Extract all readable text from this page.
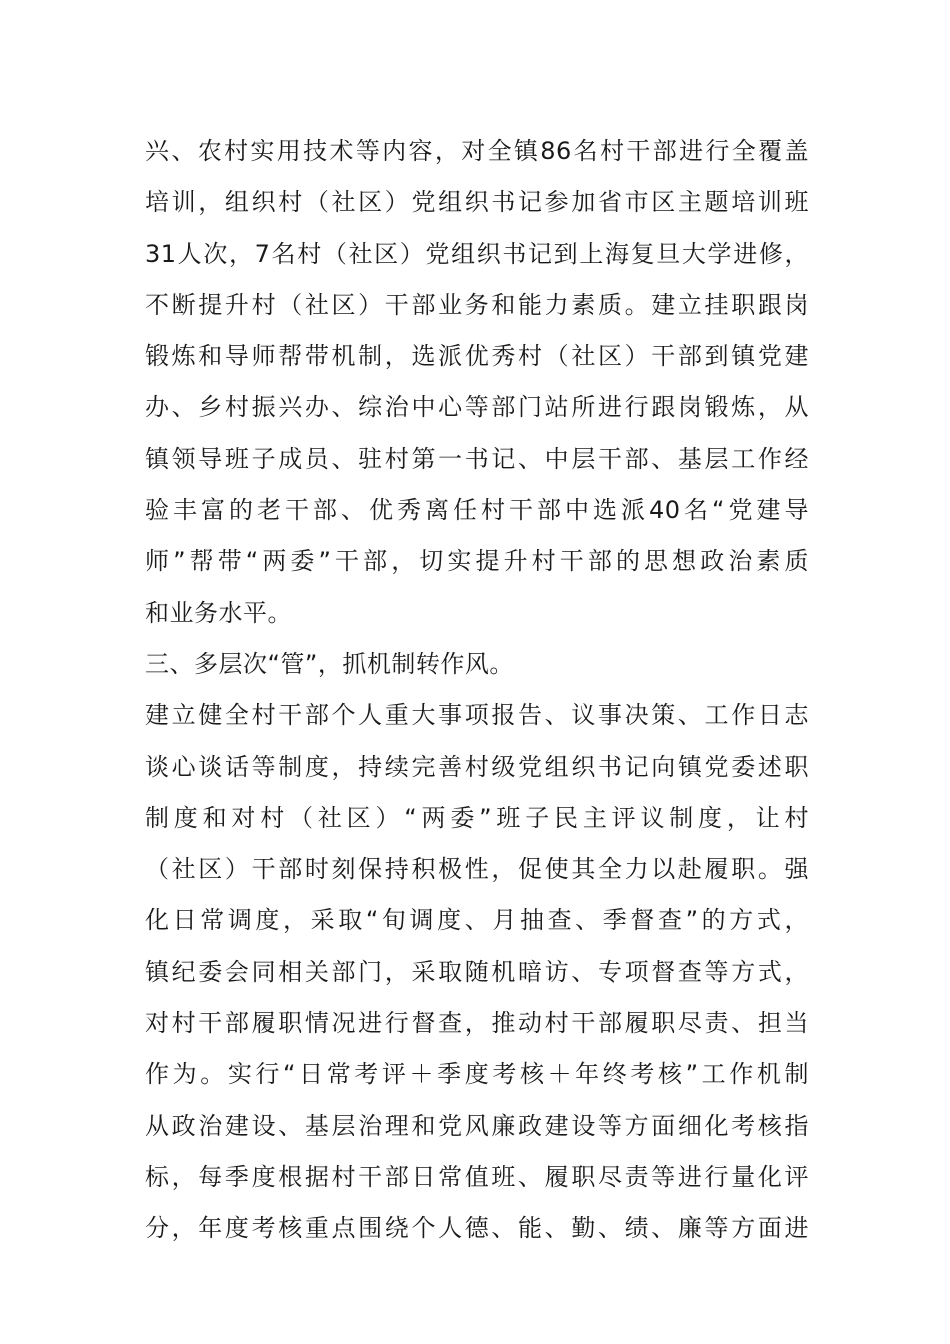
兴、农村实用技术等内容，对全镇86名村干部进行全覆盖
培训，组织村（社区）党组织书记参加省市区主题培训班
31人次，7名村（社区）党组织书记到上海复旦大学进修，
不断提升村（社区）干部业务和能力素质。建立挂职跟岗
锻炼和导师帮带机制，选派优秀村（社区）干部到镇党建
办、乡村振兴办、综治中心等部门站所进行跟岗锻炼，从
镇领导班子成员、驻村第一书记、中层干部、基层工作经
验丰富的老干部、优秀离任村干部中选派40名“党建导
师”帮带“两委”干部，切实提升村干部的思想政治素质
和业务水平。
三、多层次“管”，抓机制转作风。
建立健全村干部个人重大事项报告、议事决策、工作日志
谈心谈话等制度，持续完善村级党组织书记向镇党委述职
制度和对村（社区）“两委”班子民主评议制度，让村
（社区）干部时刻保持积极性，促使其全力以赴履职。强
化日常调度，采取“旬调度、月抽查、季督查”的方式，
镇纪委会同相关部门，采取随机暗访、专项督查等方式，
对村干部履职情况进行督查，推动村干部履职尽责、担当
作为。实行“日常考评＋季度考核＋年终考核”工作机制
从政治建设、基层治理和党风廉政建设等方面细化考核指
标，每季度根据村干部日常值班、履职尽责等进行量化评
分，年度考核重点围绕个人德、能、勤、绩、廉等方面进
